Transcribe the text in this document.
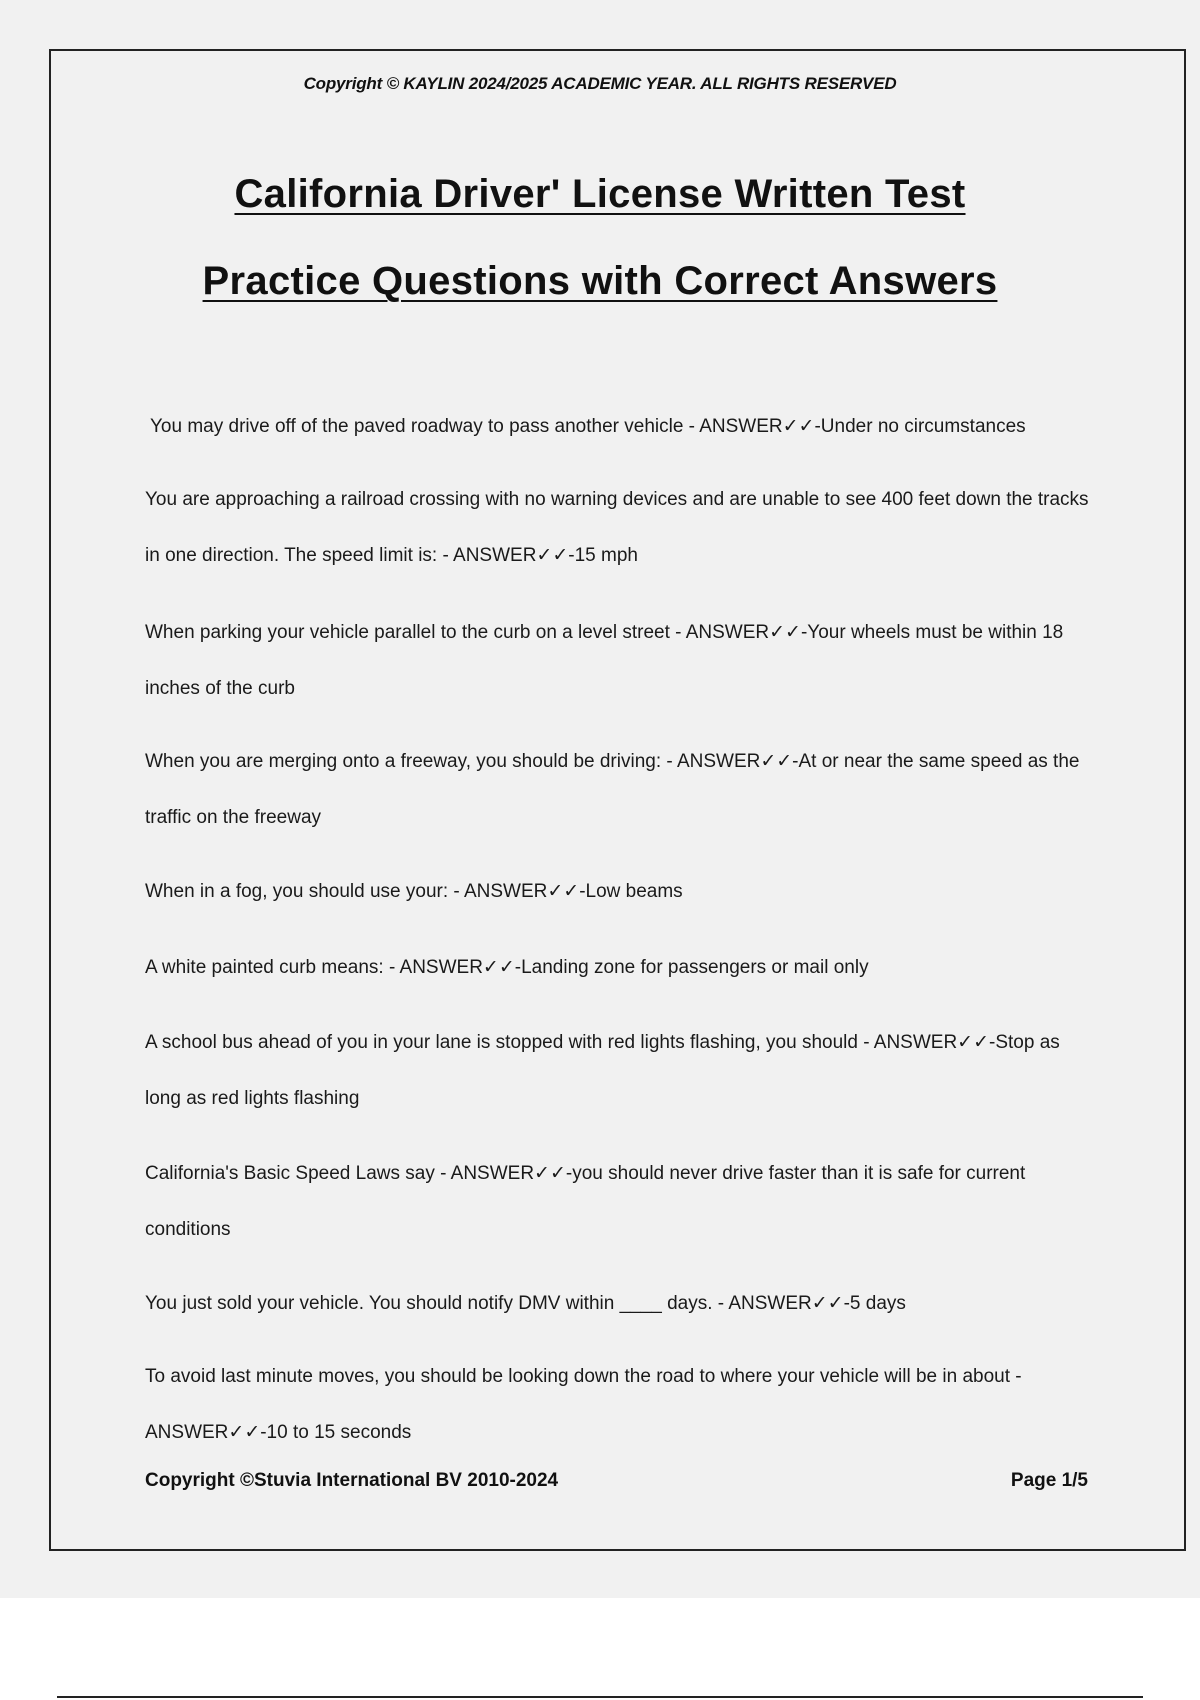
Copyright © KAYLIN 2024/2025 ACADEMIC YEAR. ALL RIGHTS RESERVED
California Driver' License Written Test
Practice Questions with Correct Answers
You may drive off of the paved roadway to pass another vehicle - ANSWER✓✓-Under no circumstances
You are approaching a railroad crossing with no warning devices and are unable to see 400 feet down the tracks in one direction. The speed limit is: - ANSWER✓✓-15 mph
When parking your vehicle parallel to the curb on a level street - ANSWER✓✓-Your wheels must be within 18 inches of the curb
When you are merging onto a freeway, you should be driving: - ANSWER✓✓-At or near the same speed as the traffic on the freeway
When in a fog, you should use your: - ANSWER✓✓-Low beams
A white painted curb means: - ANSWER✓✓-Landing zone for passengers or mail only
A school bus ahead of you in your lane is stopped with red lights flashing, you should - ANSWER✓✓-Stop as long as red lights flashing
California's Basic Speed Laws say - ANSWER✓✓-you should never drive faster than it is safe for current conditions
You just sold your vehicle. You should notify DMV within ____ days. - ANSWER✓✓-5 days
To avoid last minute moves, you should be looking down the road to where your vehicle will be in about - ANSWER✓✓-10 to 15 seconds
Copyright ©Stuvia International BV 2010-2024	Page 1/5
